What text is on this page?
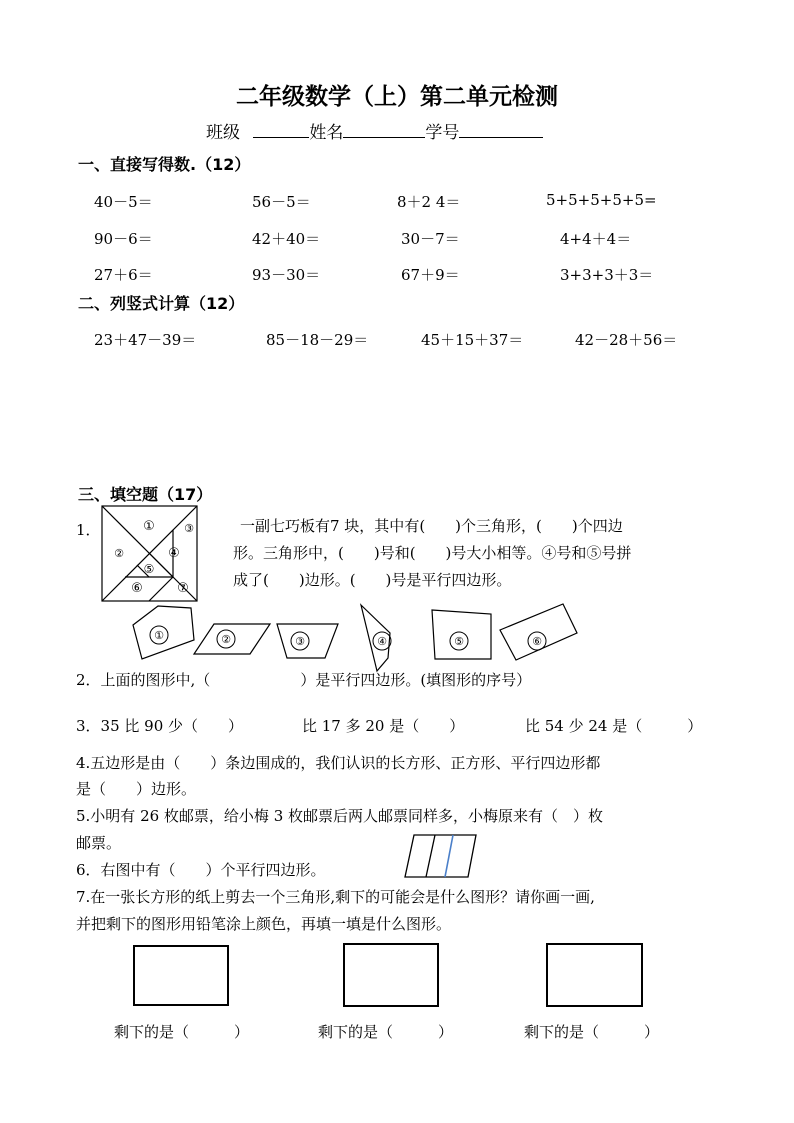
二年级数学（上）第二单元检测
班级	姓名	学号
一、直接写得数.（12）
40－5＝	56－5＝	8＋2 4＝	5+5+5+5+5=
90－6＝	42＋40＝	30－7＝	4+4＋4＝
27＋6＝	93－30＝	67＋9＝	3+3+3＋3＝
二、列竖式计算（12）
23＋47－39＝	85－18－29＝	45＋15＋37＝	42－28＋56＝
三、填空题（17）
1．	①	③
②	④
⑤
⑥	⑦
一副七巧板有7 块，其中有(　　)个三角形，(　　)个四边
形。三角形中，(　　)号和(　　)号大小相等。④号和⑤号拼
成了(　　)边形。(　　)号是平行四边形。
①	②	③	④	⑤	⑥
2．上面的图形中,（　　　　　　）是平行四边形。(填图形的序号）
3．35 比 90 少（　　）	比 17 多 20 是（　　）	比 54 少 24 是（　　　）
4.五边形是由（　　）条边围成的，我们认识的长方形、正方形、平行四边形都
是（　　）边形。
5.小明有 26 枚邮票，给小梅 3 枚邮票后两人邮票同样多，小梅原来有（　）枚
邮票。
6．右图中有（　　）个平行四边形。
7.在一张长方形的纸上剪去一个三角形,剩下的可能会是什么图形？请你画一画,
并把剩下的图形用铅笔涂上颜色，再填一填是什么图形。
剩下的是（　　　）	剩下的是（　　　）	剩下的是（　　　）
